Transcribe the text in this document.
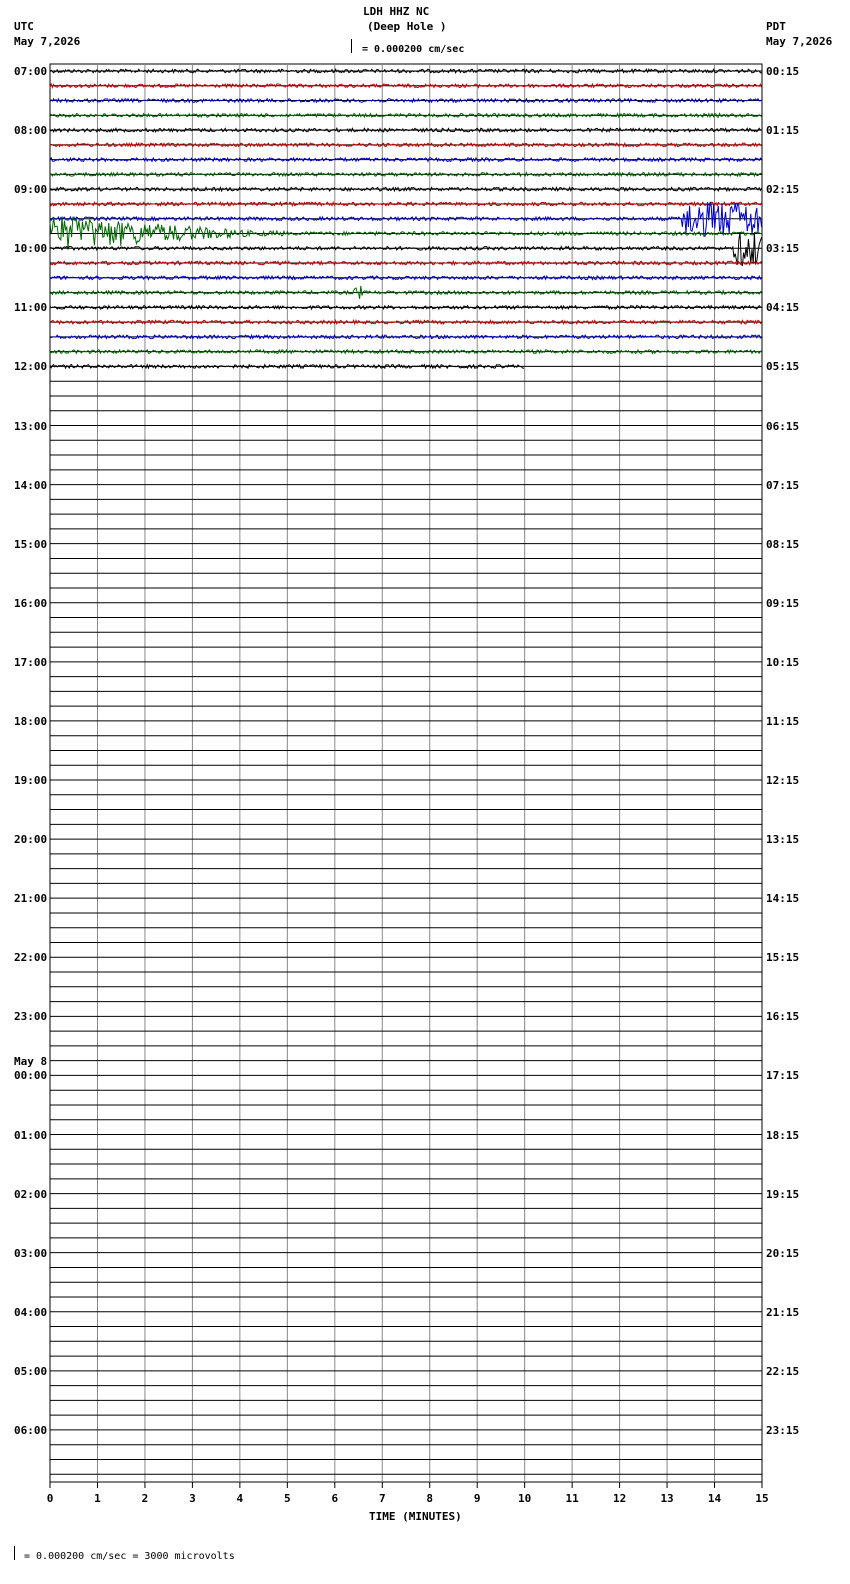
0	1	2	3	4	5	6	7	8	9	10	11	12	13	14	15
LDH HHZ NC
(Deep Hole )
= 0.000200 cm/sec
UTC
May 7,2026
PDT
May 7,2026
07:00
08:00
09:00
10:00
11:00
12:00
13:00
14:00
15:00
16:00
17:00
18:00
19:00
20:00
21:00
22:00
23:00
00:00
May 8
01:00
02:00
03:00
04:00
05:00
06:00
00:15
01:15
02:15
03:15
04:15
05:15
06:15
07:15
08:15
09:15
10:15
11:15
12:15
13:15
14:15
15:15
16:15
17:15
18:15
19:15
20:15
21:15
22:15
23:15
TIME (MINUTES)
= 0.000200 cm/sec = 3000 microvolts
